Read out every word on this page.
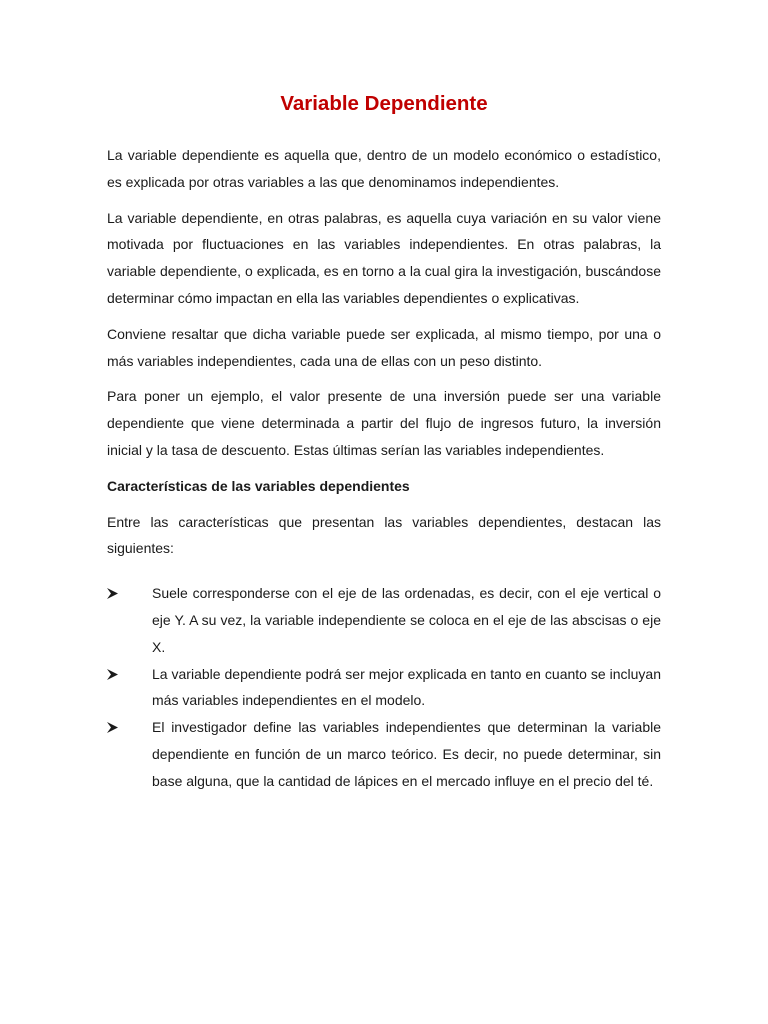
Variable Dependiente

La variable dependiente es aquella que, dentro de un modelo económico o estadístico, es explicada por otras variables a las que denominamos independientes.

La variable dependiente, en otras palabras, es aquella cuya variación en su valor viene motivada por fluctuaciones en las variables independientes. En otras palabras, la variable dependiente, o explicada, es en torno a la cual gira la investigación, buscándose determinar cómo impactan en ella las variables dependientes o explicativas.

Conviene resaltar que dicha variable puede ser explicada, al mismo tiempo, por una o más variables independientes, cada una de ellas con un peso distinto.

Para poner un ejemplo, el valor presente de una inversión puede ser una variable dependiente que viene determinada a partir del flujo de ingresos futuro, la inversión inicial y la tasa de descuento. Estas últimas serían las variables independientes.

Características de las variables dependientes

Entre las características que presentan las variables dependientes, destacan las siguientes:

Suele corresponderse con el eje de las ordenadas, es decir, con el eje vertical o eje Y. A su vez, la variable independiente se coloca en el eje de las abscisas o eje X.
La variable dependiente podrá ser mejor explicada en tanto en cuanto se incluyan más variables independientes en el modelo.
El investigador define las variables independientes que determinan la variable dependiente en función de un marco teórico. Es decir, no puede determinar, sin base alguna, que la cantidad de lápices en el mercado influye en el precio del té.
